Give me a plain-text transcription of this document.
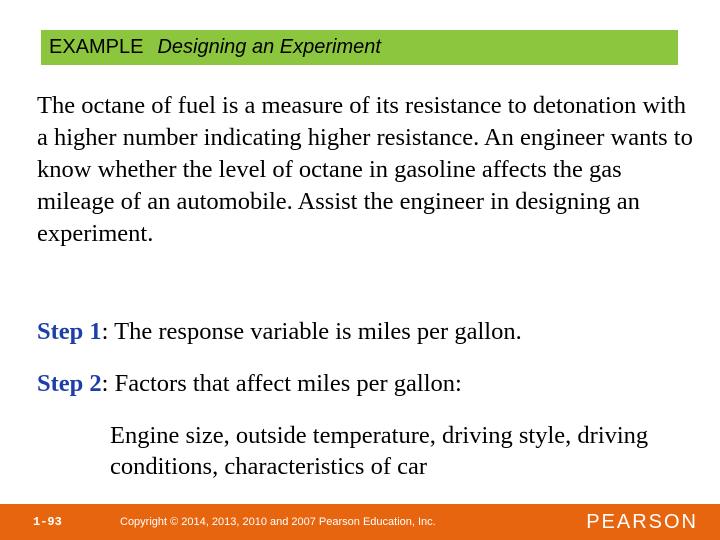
EXAMPLE Designing an Experiment

The octane of fuel is a measure of its resistance to detonation with a higher number indicating higher resistance. An engineer wants to know whether the level of octane in gasoline affects the gas mileage of an automobile. Assist the engineer in designing an experiment.

Step 1: The response variable is miles per gallon.

Step 2: Factors that affect miles per gallon:

Engine size, outside temperature, driving style, driving conditions, characteristics of car

1-93	Copyright © 2014, 2013, 2010 and 2007 Pearson Education, Inc.	PEARSON
